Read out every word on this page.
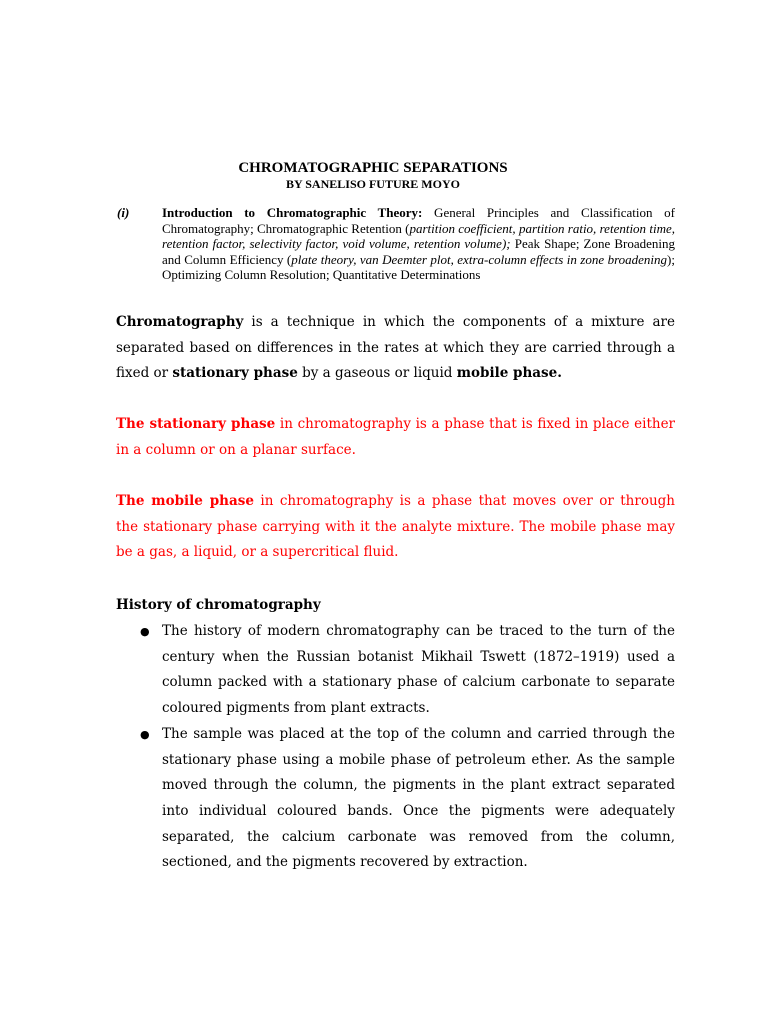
CHROMATOGRAPHIC SEPARATIONS
BY SANELISO FUTURE MOYO
(i)	Introduction to Chromatographic Theory: General Principles and Classification of Chromatography; Chromatographic Retention (partition coefficient, partition ratio, retention time, retention factor, selectivity factor, void volume, retention volume); Peak Shape; Zone Broadening and Column Efficiency (plate theory, van Deemter plot, extra-column effects in zone broadening); Optimizing Column Resolution; Quantitative Determinations
Chromatography is a technique in which the components of a mixture are separated based on differences in the rates at which they are carried through a fixed or stationary phase by a gaseous or liquid mobile phase.
The stationary phase in chromatography is a phase that is fixed in place either in a column or on a planar surface.
The mobile phase in chromatography is a phase that moves over or through the stationary phase carrying with it the analyte mixture. The mobile phase may be a gas, a liquid, or a supercritical fluid.
History of chromatography
● The history of modern chromatography can be traced to the turn of the century when the Russian botanist Mikhail Tswett (1872–1919) used a column packed with a stationary phase of calcium carbonate to separate coloured pigments from plant extracts.
● The sample was placed at the top of the column and carried through the stationary phase using a mobile phase of petroleum ether. As the sample moved through the column, the pigments in the plant extract separated into individual coloured bands. Once the pigments were adequately separated, the calcium carbonate was removed from the column, sectioned, and the pigments recovered by extraction.
